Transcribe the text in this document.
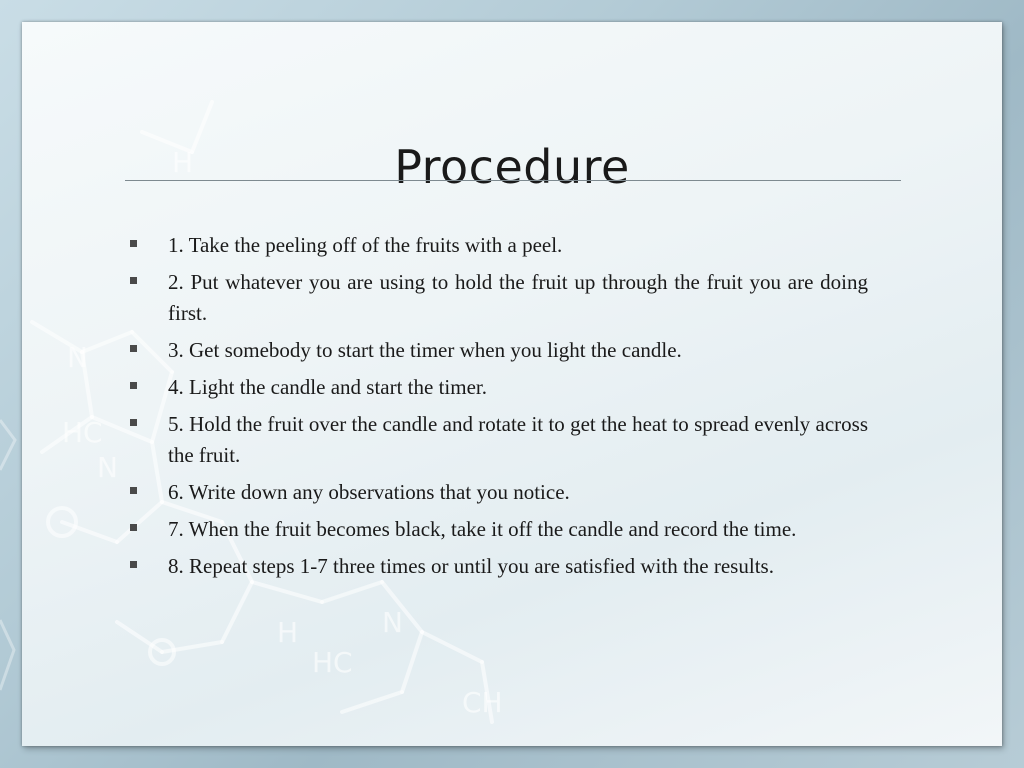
HC
N
N
H
HC
N
CH
H	Procedure
1. Take the peeling off of the fruits with a peel.
2. Put whatever you are using to hold the fruit up through the fruit you are doing first.
3. Get somebody to start the timer when you light the candle.
4. Light the candle and start the timer.
5. Hold the fruit over the candle and rotate it to get the heat to spread evenly across the fruit.
6. Write down any observations that you notice.
7. When the fruit becomes black, take it off the candle and record the time.
8. Repeat steps 1-7 three times or until you are satisfied with the results.
